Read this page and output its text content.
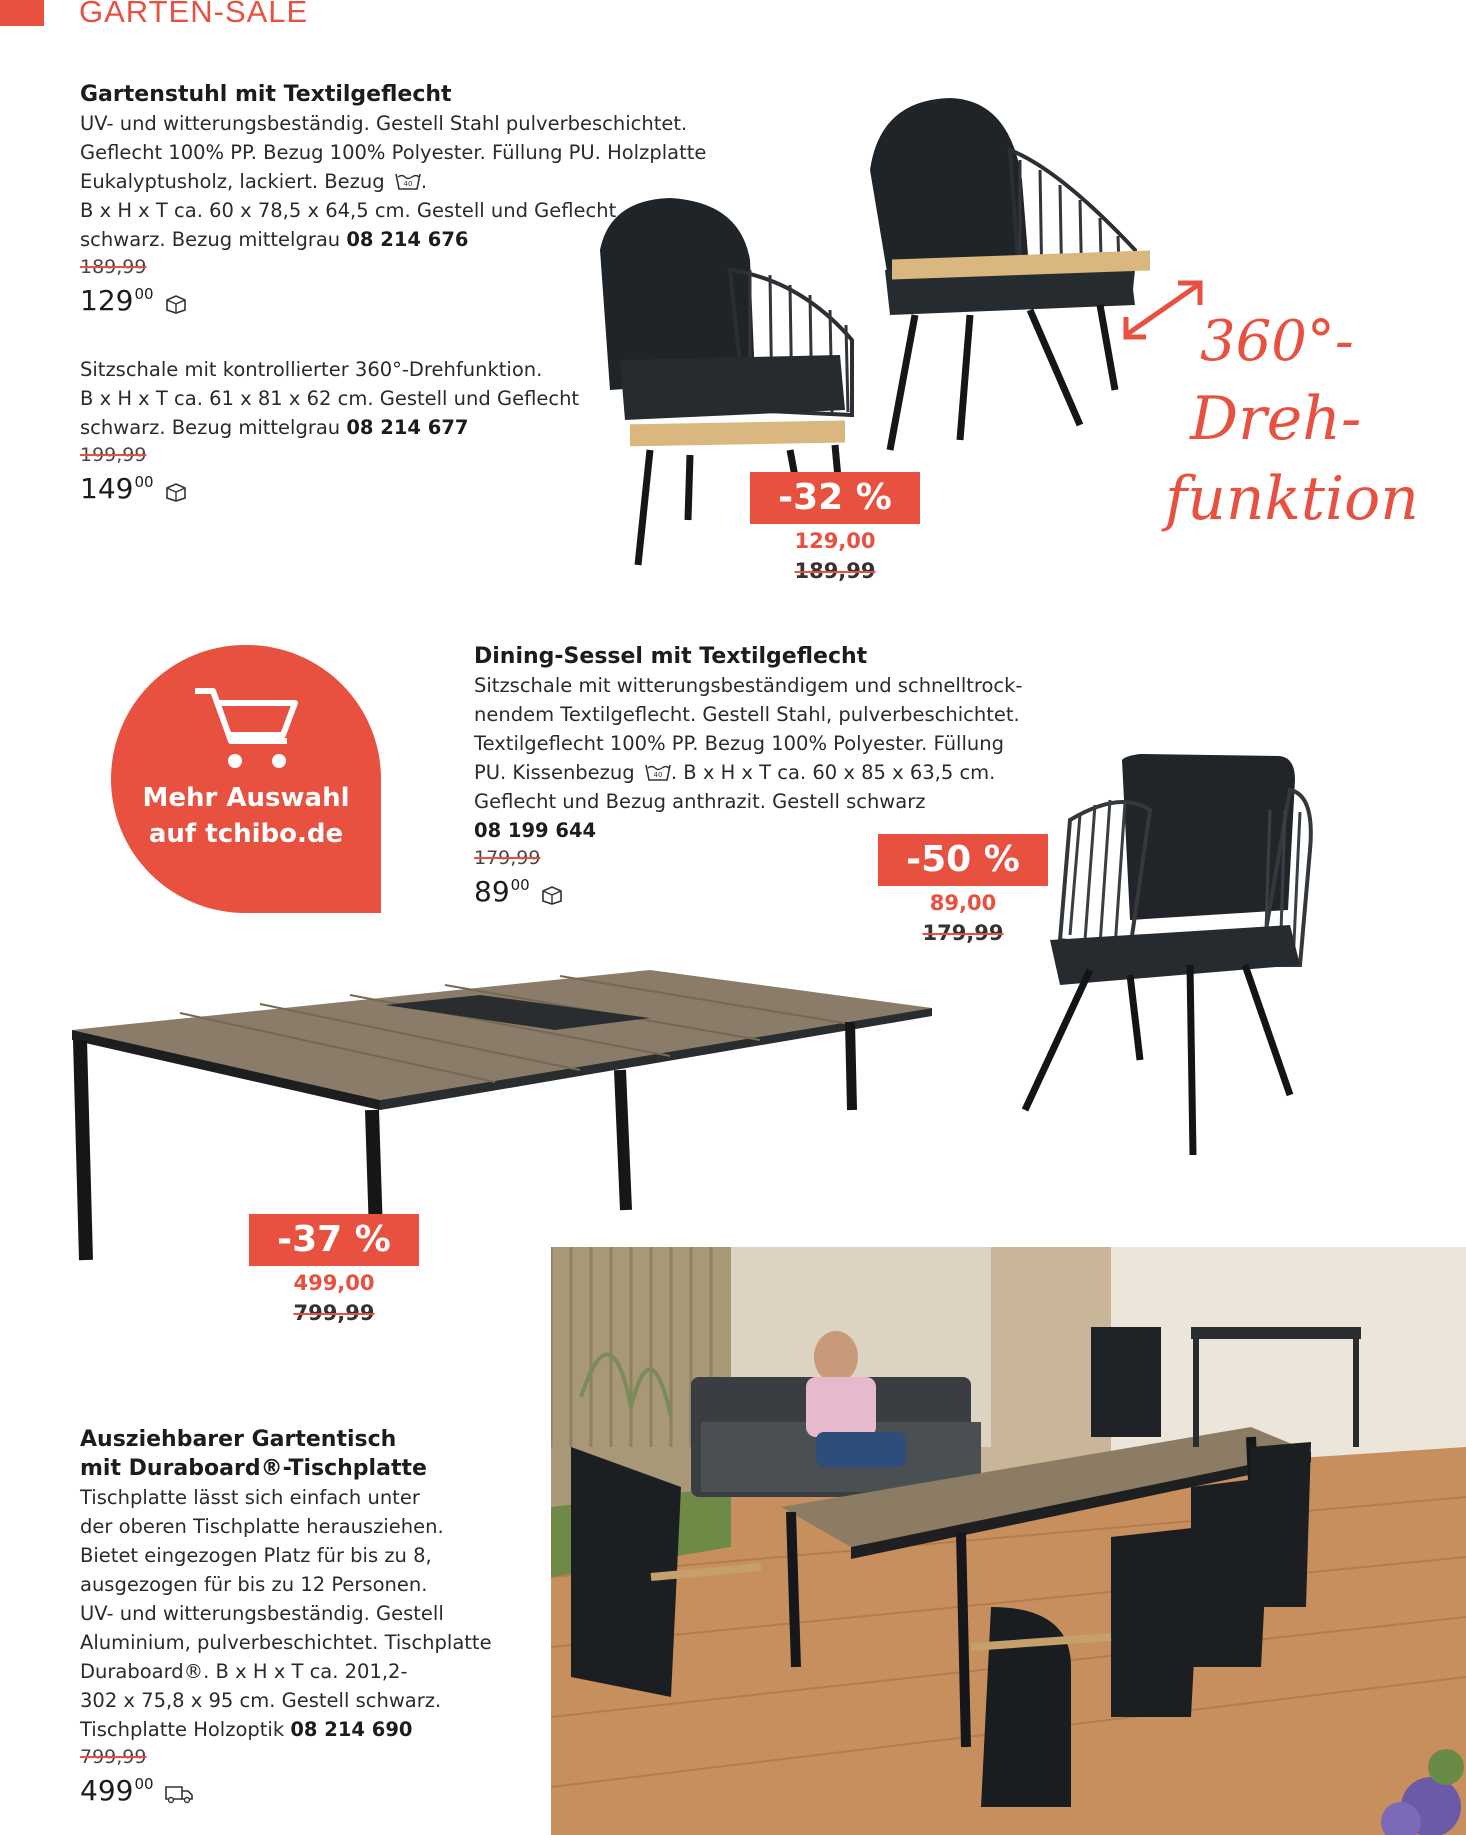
GARTEN-SALE
Gartenstuhl mit Textilgeflecht
UV- und witterungsbeständig. Gestell Stahl pulverbeschichtet.
Geflecht 100% PP. Bezug 100% Polyester. Füllung PU. Holzplatte
Eukalyptusholz, lackiert. Bezug	40 .
B x H x T ca. 60 x 78,5 x 64,5 cm. Gestell und Geflecht
schwarz. Bezug mittelgrau 08 214 676
189,99
$129^{00}$
Sitzschale mit kontrollierter 360°-Drehfunktion.
B x H x T ca. 61 x 81 x 62 cm. Gestell und Geflecht
schwarz. Bezug mittelgrau 08 214 677
199,99
$149^{00}$
360°-
Dreh-
funktion
-32 %
129,00
189,99
Mehr Auswahl
auf tchibo.de
Dining-Sessel mit Textilgeflecht
Sitzschale mit witterungsbeständigem und schnelltrock-
nendem Textilgeflecht. Gestell Stahl, pulverbeschichtet.
Textilgeflecht 100% PP. Bezug 100% Polyester. Füllung
PU. Kissenbezug	40 . B x H x T ca. 60 x 85 x 63,5 cm.
Geflecht und Bezug anthrazit. Gestell schwarz
08 199 644
179,99
$89^{00}$
-50 %
89,00
179,99
-37 %
499,00
799,99
Ausziehbarer Gartentisch
mit Duraboard®-Tischplatte
Tischplatte lässt sich einfach unter
der oberen Tischplatte herausziehen.
Bietet eingezogen Platz für bis zu 8,
ausgezogen für bis zu 12 Personen.
UV- und witterungsbeständig. Gestell
Aluminium, pulverbeschichtet. Tischplatte
Duraboard®. B x H x T ca. 201,2-
302 x 75,8 x 95 cm. Gestell schwarz.
Tischplatte Holzoptik 08 214 690
799,99
$499^{00}$
